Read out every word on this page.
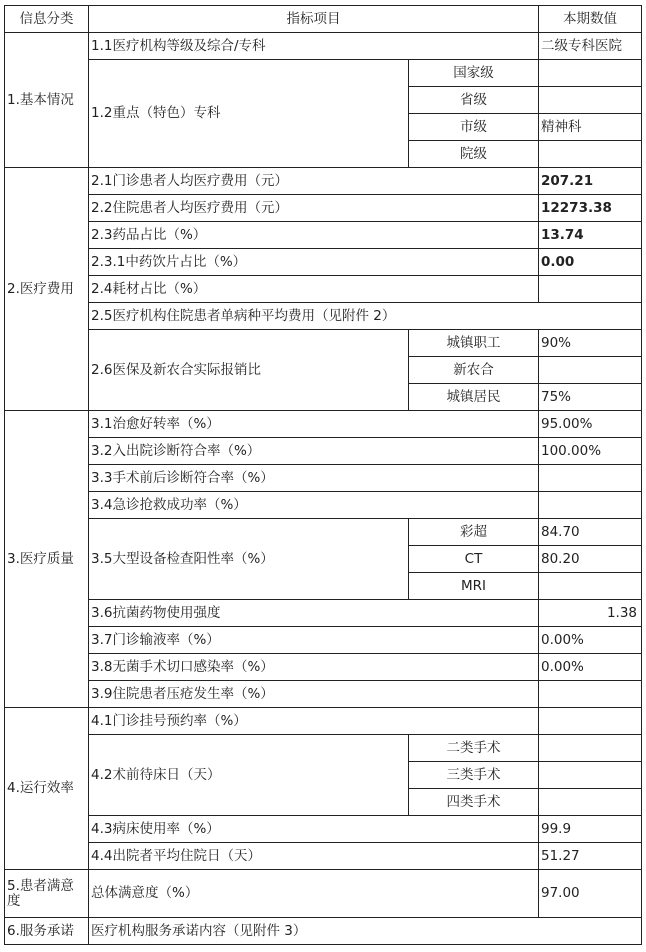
信息分类	指标项目		本期数值
1.基本情况	1.1医疗机构等级及综合/专科		二级专科医院
	1.2重点（特色）专科	国家级	
		省级	
		市级	精神科
		院级	
2.医疗费用	2.1门诊患者人均医疗费用（元）		207.21
	2.2住院患者人均医疗费用（元）		12273.38
	2.3药品占比（%）		13.74
	2.3.1中药饮片占比（%）		0.00
	2.4耗材占比（%）		
	2.5医疗机构住院患者单病种平均费用（见附件 2）		
	2.6医保及新农合实际报销比	城镇职工	90%
		新农合	
		城镇居民	75%
3.医疗质量	3.1治愈好转率（%）		95.00%
	3.2入出院诊断符合率（%）		100.00%
	3.3手术前后诊断符合率（%）		
	3.4急诊抢救成功率（%）		
	3.5大型设备检查阳性率（%）	彩超	84.70
		CT	80.20
		MRI	
	3.6抗菌药物使用强度		1.38
	3.7门诊输液率（%）		0.00%
	3.8无菌手术切口感染率（%）		0.00%
	3.9住院患者压疮发生率（%）		
4.运行效率	4.1门诊挂号预约率（%）		
	4.2术前待床日（天）	二类手术	
		三类手术	
		四类手术	
	4.3病床使用率（%）		99.9
	4.4出院者平均住院日（天）		51.27
5.患者满意度	总体满意度（%）		97.00
6.服务承诺	医疗机构服务承诺内容（见附件 3）		
